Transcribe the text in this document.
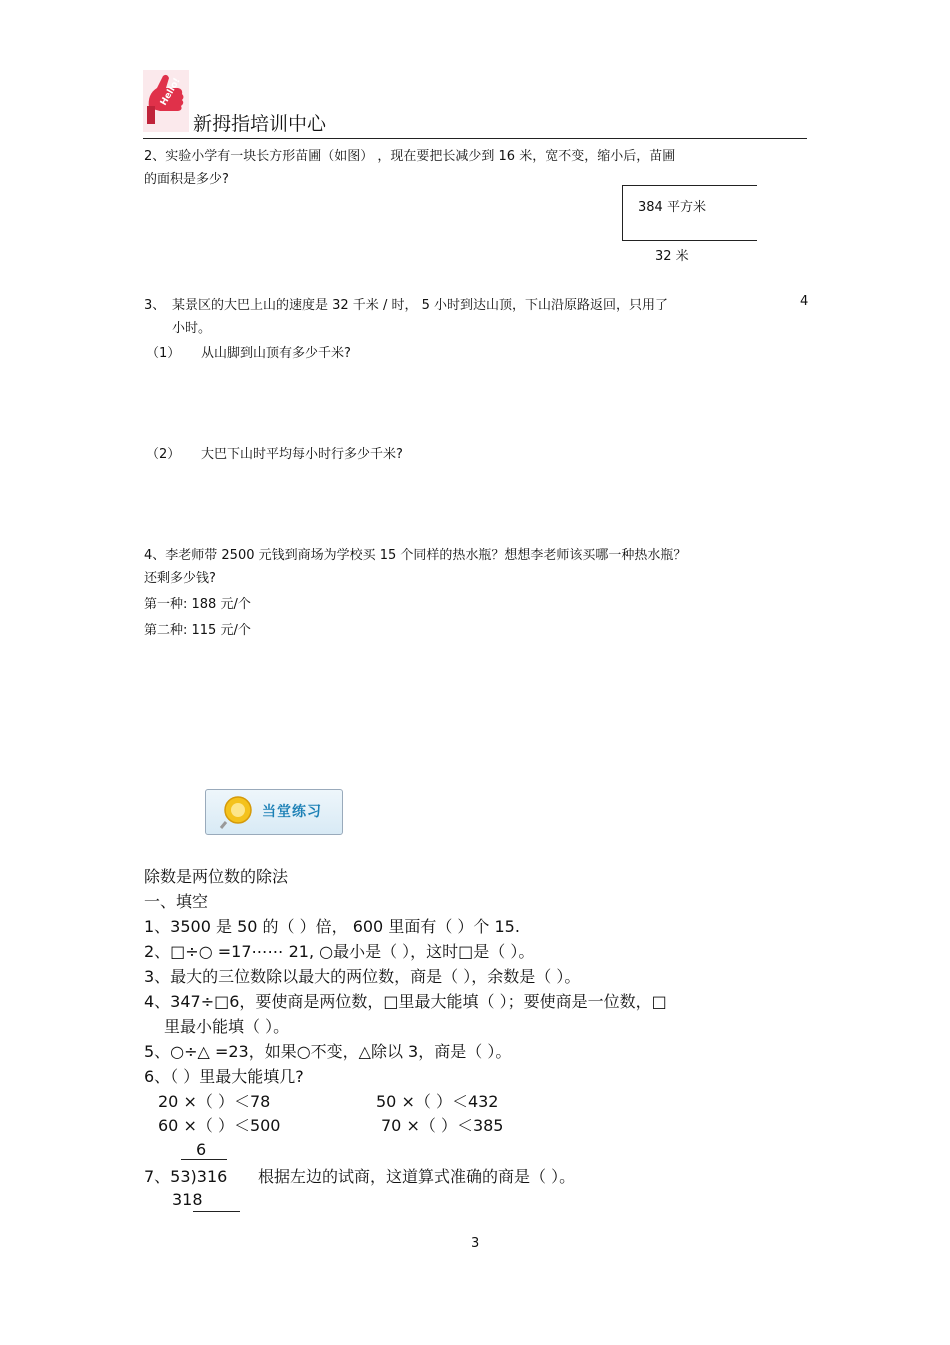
Hello!
新拇指培训中心
2、实验小学有一块长方形苗圃（如图） ，现在要把长减少到 16 米，宽不变，缩小后，苗圃
的面积是多少?
384 平方米
32 米
3、 某景区的大巴上山的速度是 32 千米 / 时， 5 小时到达山顶，下山沿原路返回，只用了	4
小时。
（1） 从山脚到山顶有多少千米?
（2） 大巴下山时平均每小时行多少千米?
4、李老师带 2500 元钱到商场为学校买 15 个同样的热水瓶？想想李老师该买哪一种热水瓶？
还剩多少钱?
第一种: 188 元/个
第二种: 115 元/个
当堂练习
除数是两位数的除法
一、填空
1、3500 是 50 的（ ）倍， 600 里面有（ ）个 15.
2、□÷○ =17⋯⋯ 21, ○最小是（ ），这时□是（ ）。
3、最大的三位数除以最大的两位数，商是（ ），余数是（ ）。
4、347÷□6，要使商是两位数，□里最大能填（ ）；要使商是一位数，□
里最小能填（ ）。
5、○÷△ =23，如果○不变，△除以 3，商是（ ）。
6、（ ）里最大能填几?
20 ×（ ）＜78	50 ×（ ）＜432
60 ×（ ）＜500	70 ×（ ）＜385
6
7、53)316 根据左边的试商，这道算式准确的商是（ ）。
318
3
